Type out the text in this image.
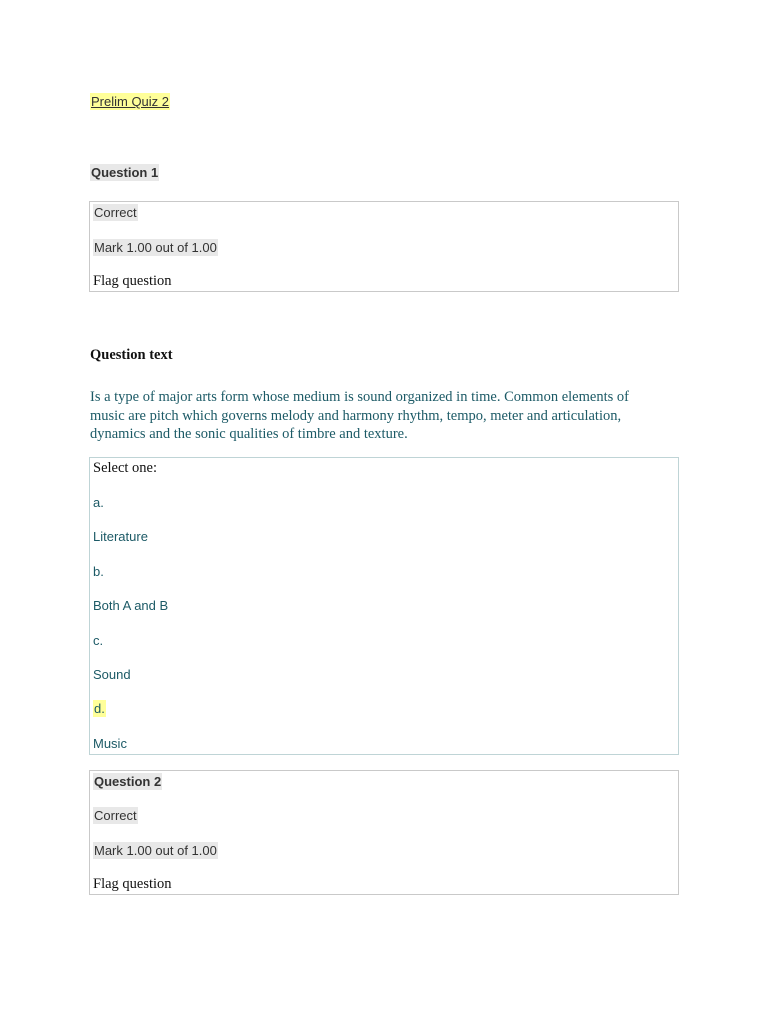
Prelim Quiz 2
Question 1
Correct
Mark 1.00 out of 1.00
Flag question
Question text
Is a type of major arts form whose medium is sound organized in time. Common elements of music are pitch which governs melody and harmony rhythm, tempo, meter and articulation, dynamics and the sonic qualities of timbre and texture.
Select one:
a.
Literature
b.
Both A and B
c.
Sound
d.
Music
Question 2
Correct
Mark 1.00 out of 1.00
Flag question
